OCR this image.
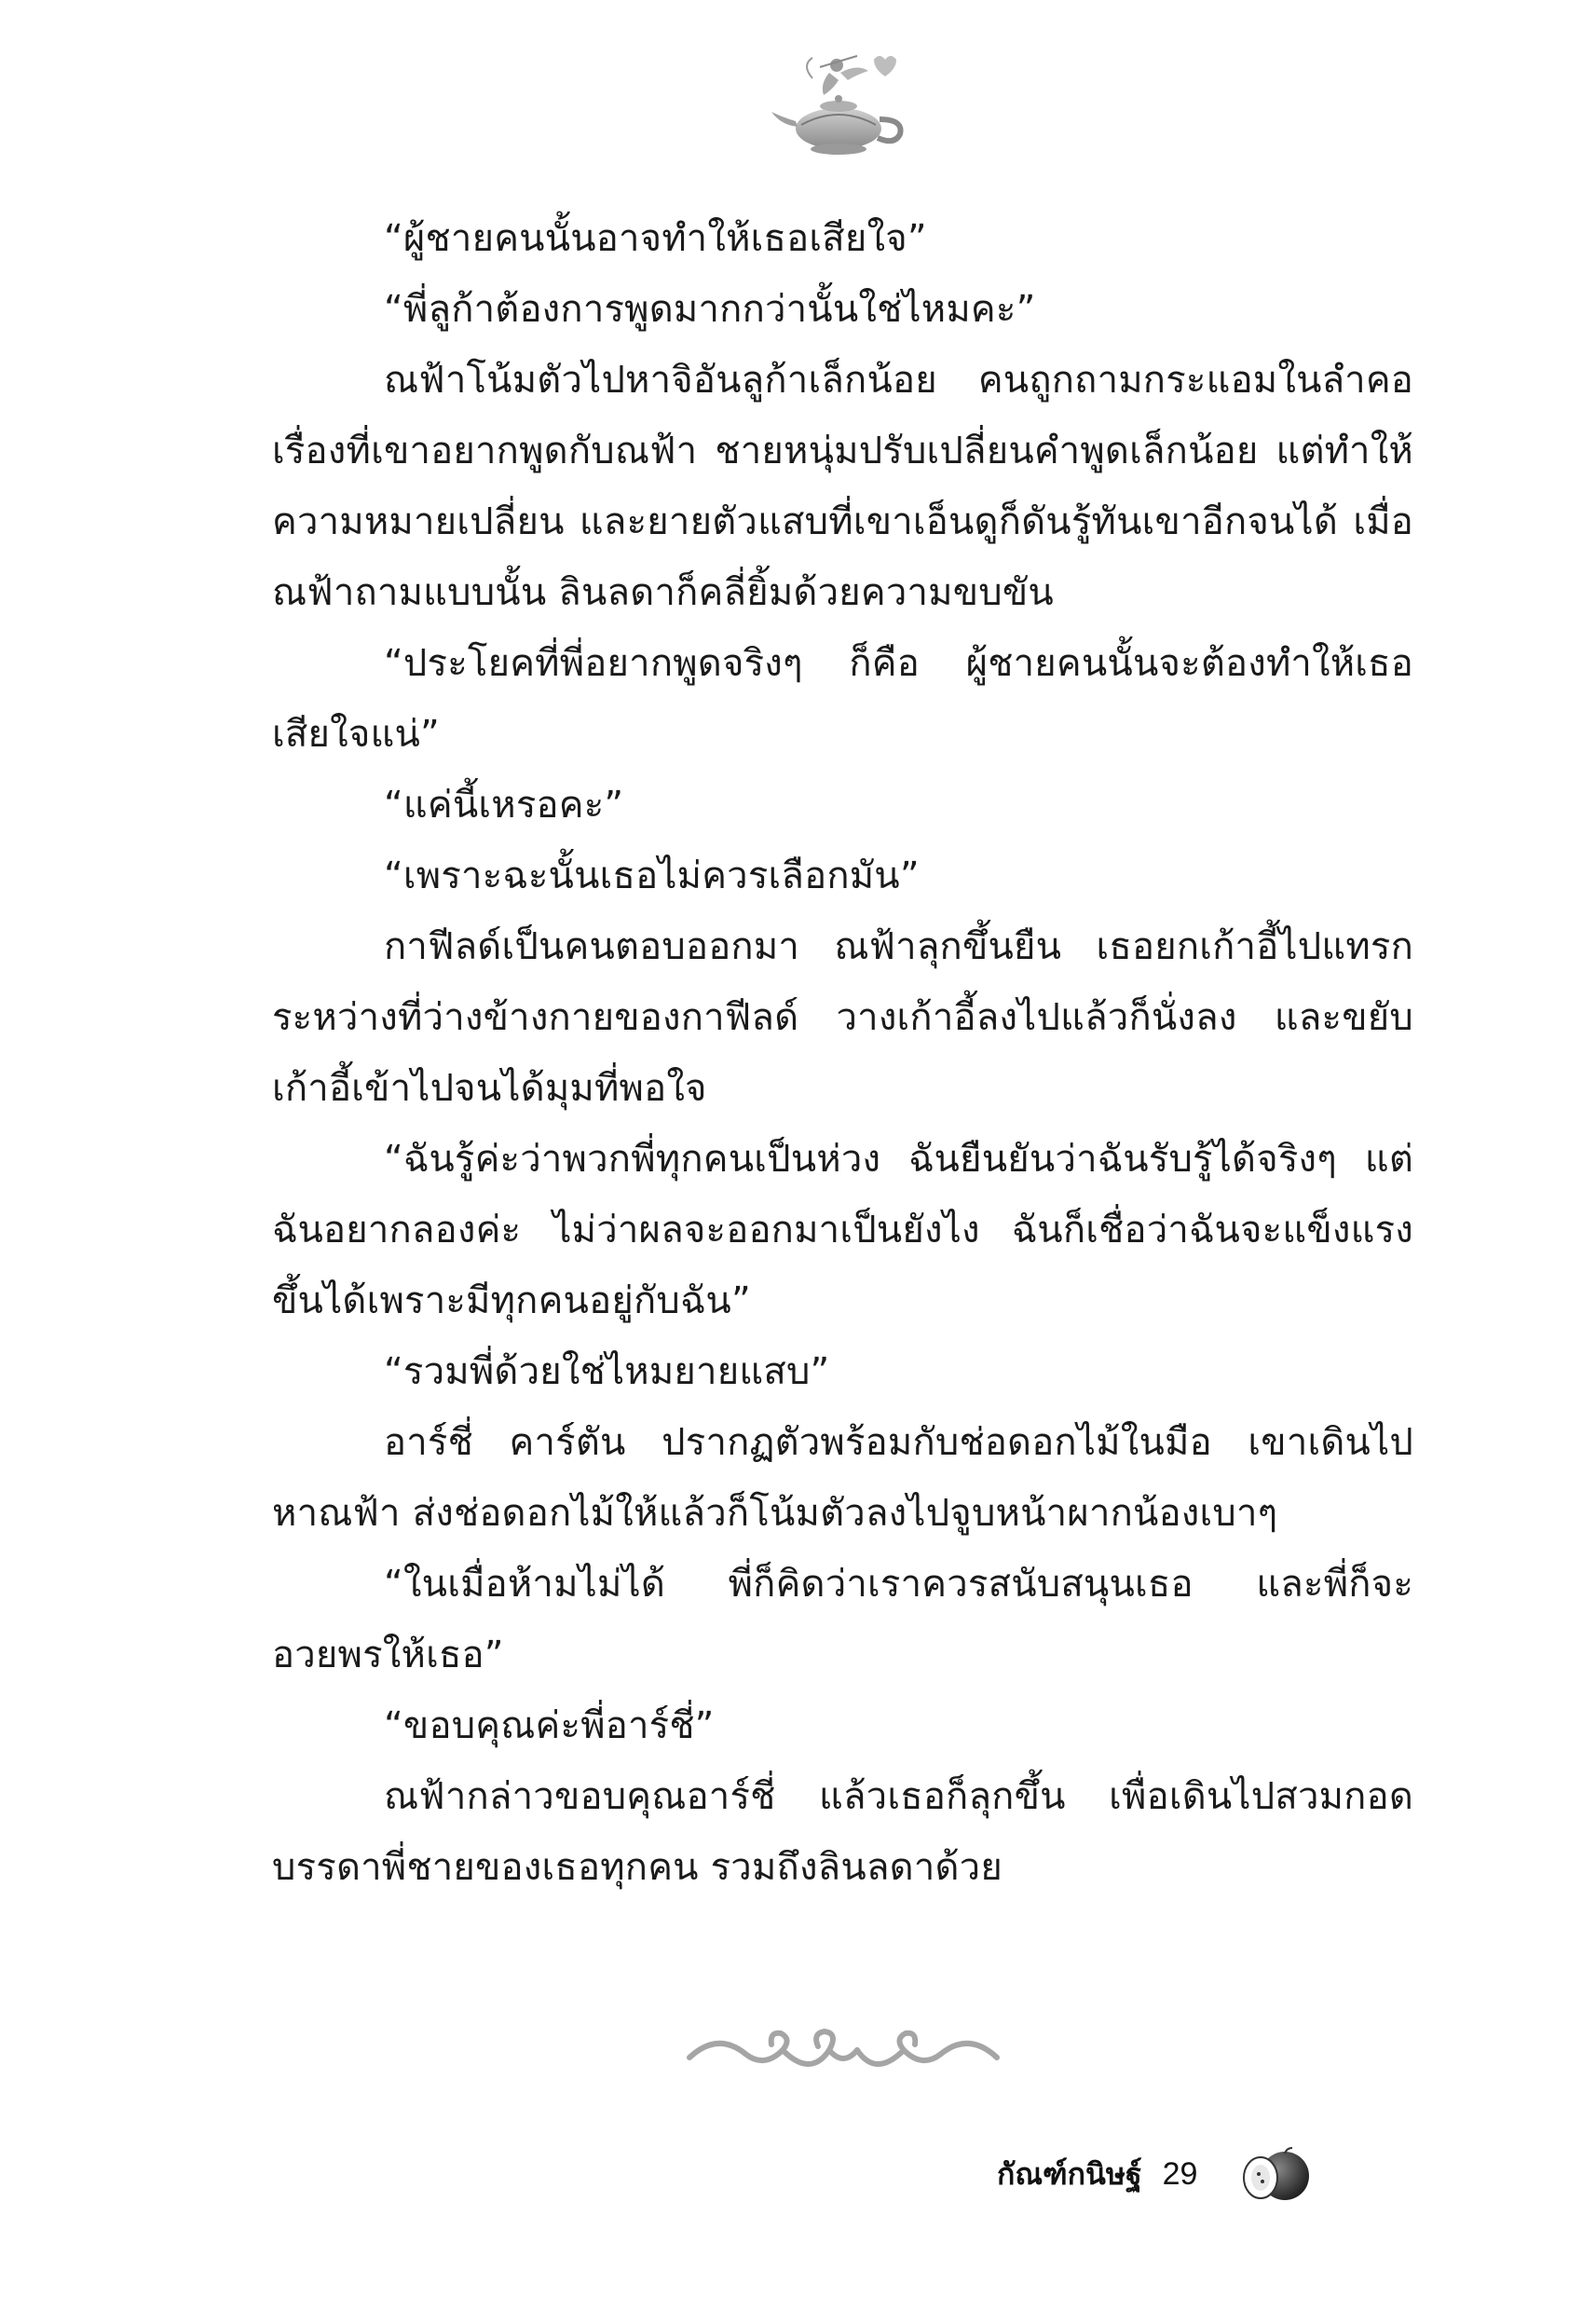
“ผู้ชายคนนั้นอาจทำให้เธอเสียใจ”

“พี่ลูก้าต้องการพูดมากกว่านั้นใช่ไหมคะ”

ณฟ้าโน้มตัวไปหาจิอันลูก้าเล็กน้อย คนถูกถามกระแอมในลำคอเรื่องที่เขาอยากพูดกับณฟ้า ชายหนุ่มปรับเปลี่ยนคำพูดเล็กน้อย แต่ทำให้ความหมายเปลี่ยน และยายตัวแสบที่เขาเอ็นดูก็ดันรู้ทันเขาอีกจนได้ เมื่อณฟ้าถามแบบนั้น ลินลดาก็คลี่ยิ้มด้วยความขบขัน

“ประโยคที่พี่อยากพูดจริงๆ ก็คือ ผู้ชายคนนั้นจะต้องทำให้เธอเสียใจแน่”

“แค่นี้เหรอคะ”

“เพราะฉะนั้นเธอไม่ควรเลือกมัน”

กาฟีลด์เป็นคนตอบออกมา ณฟ้าลุกขึ้นยืน เธอยกเก้าอี้ไปแทรกระหว่างที่ว่างข้างกายของกาฟีลด์ วางเก้าอี้ลงไปแล้วก็นั่งลง และขยับเก้าอี้เข้าไปจนได้มุมที่พอใจ

“ฉันรู้ค่ะว่าพวกพี่ทุกคนเป็นห่วง ฉันยืนยันว่าฉันรับรู้ได้จริงๆ แต่ฉันอยากลองค่ะ ไม่ว่าผลจะออกมาเป็นยังไง ฉันก็เชื่อว่าฉันจะแข็งแรงขึ้นได้เพราะมีทุกคนอยู่กับฉัน”

“รวมพี่ด้วยใช่ไหมยายแสบ”

อาร์ชี่ คาร์ตัน ปรากฏตัวพร้อมกับช่อดอกไม้ในมือ เขาเดินไปหาณฟ้า ส่งช่อดอกไม้ให้แล้วก็โน้มตัวลงไปจูบหน้าผากน้องเบาๆ

“ในเมื่อห้ามไม่ได้ พี่ก็คิดว่าเราควรสนับสนุนเธอ และพี่ก็จะอวยพรให้เธอ”

“ขอบคุณค่ะพี่อาร์ชี่”

ณฟ้ากล่าวขอบคุณอาร์ชี่ แล้วเธอก็ลุกขึ้น เพื่อเดินไปสวมกอดบรรดาพี่ชายของเธอทุกคน รวมถึงลินลดาด้วย

กัณฑ์กนิษฐ์ 29
